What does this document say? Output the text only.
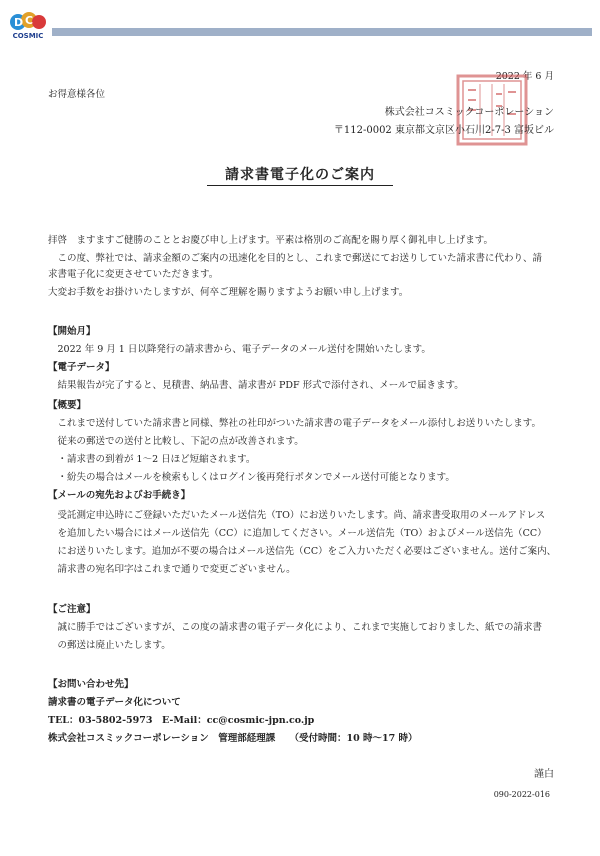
D C
COSMIC
2022 年 6 月
お得意様各位
株式会社コスミックコーポレーション
〒112-0002 東京都文京区小石川2-7-3 富坂ビル
請求書電子化のご案内
拝啓　ますますご健勝のこととお慶び申し上げます。平素は格別のご高配を賜り厚く御礼申し上げます。
　この度、弊社では、請求金額のご案内の迅速化を目的とし、これまで郵送にてお送りしていた請求書に代わり、請
求書電子化に変更させていただきます。
大変お手数をお掛けいたしますが、何卒ご理解を賜りますようお願い申し上げます。
【開始月】
　2022 年 9 月 1 日以降発行の請求書から、電子データのメール送付を開始いたします。
【電子データ】
　結果報告が完了すると、見積書、納品書、請求書が PDF 形式で添付され、メールで届きます。
【概要】
　これまで送付していた請求書と同様、弊社の社印がついた請求書の電子データをメール添付しお送りいたします。
　従来の郵送での送付と比較し、下記の点が改善されます。
　・請求書の到着が 1〜2 日ほど短縮されます。
　・紛失の場合はメールを検索もしくはログイン後再発行ボタンでメール送付可能となります。
【メールの宛先およびお手続き】
　受託測定申込時にご登録いただいたメール送信先（TO）にお送りいたします。尚、請求書受取用のメールアドレス
　を追加したい場合にはメール送信先（CC）に追加してください。メール送信先（TO）およびメール送信先（CC）
　にお送りいたします。追加が不要の場合はメール送信先（CC）をご入力いただく必要はございません。送付ご案内、
　請求書の宛名印字はこれまで通りで変更ございません。
【ご注意】
　誠に勝手ではございますが、この度の請求書の電子データ化により、これまで実施しておりました、紙での請求書
　の郵送は廃止いたします。
【お問い合わせ先】
請求書の電子データ化について
TEL：03-5802-5973　E-Mail：cc@cosmic-jpn.co.jp
株式会社コスミックコーポレーション　管理部経理課　　（受付時間：10 時〜17 時）
謹白
090-2022-016
